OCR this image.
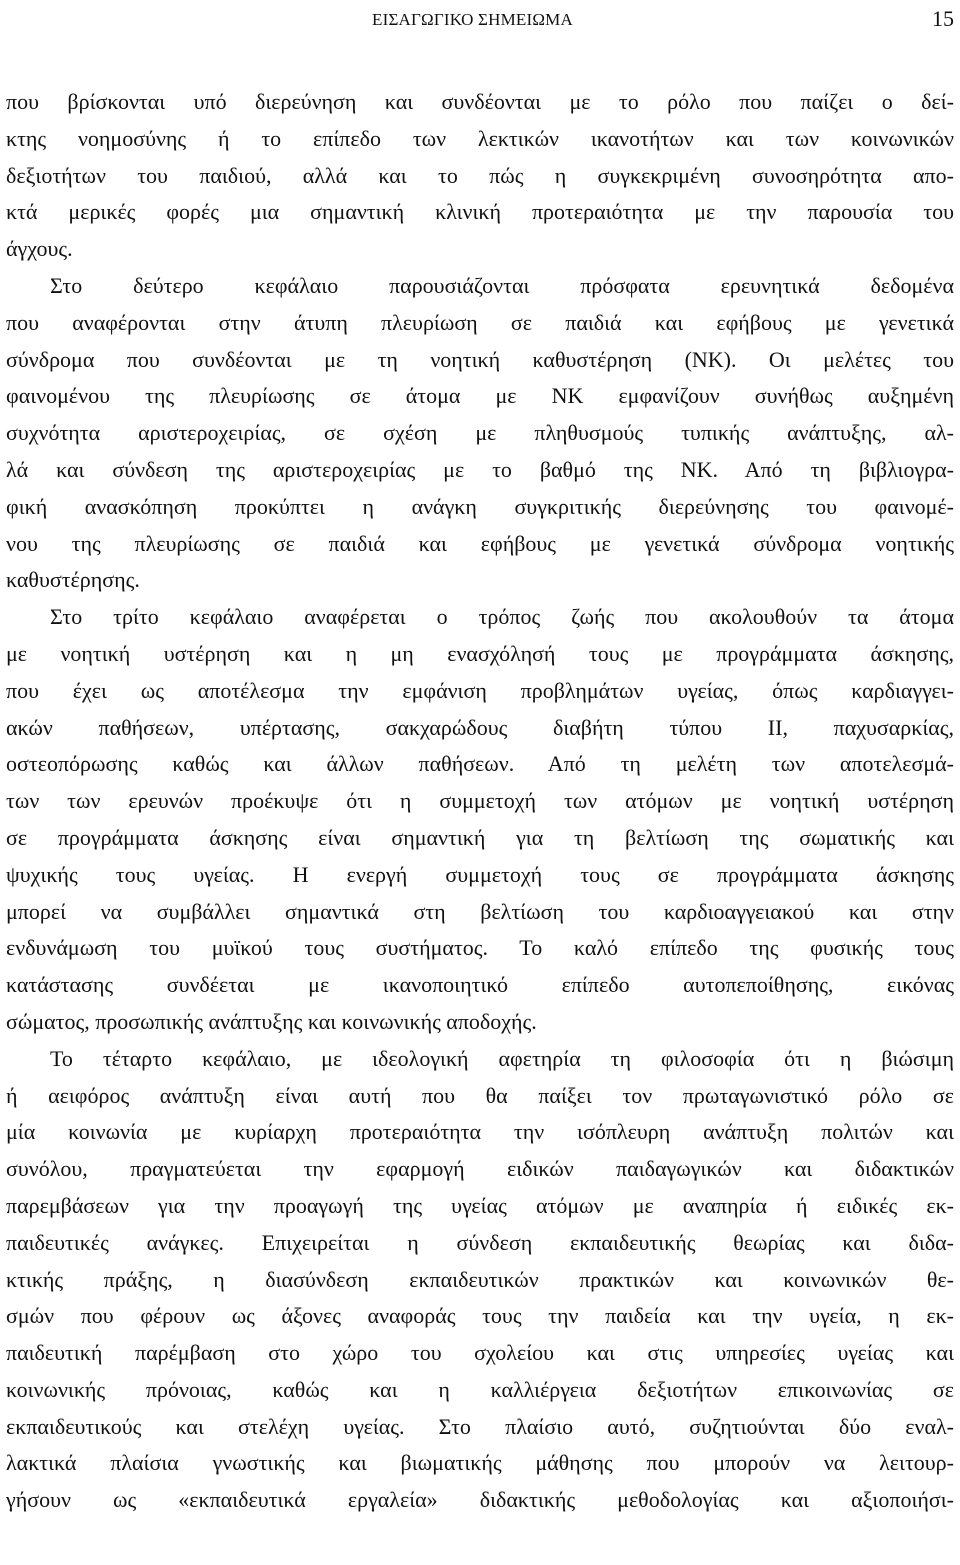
ΕΙΣΑΓΩΓΙΚΟ ΣΗΜΕΙΩΜΑ	15
που βρίσκονται υπό διερεύνηση και συνδέονται με το ρόλο που παίζει ο δεί-
κτης νοημοσύνης ή το επίπεδο των λεκτικών ικανοτήτων και των κοινωνικών
δεξιοτήτων του παιδιού, αλλά και το πώς η συγκεκριμένη συνοσηρότητα απο-
κτά μερικές φορές μια σημαντική κλινική προτεραιότητα με την παρουσία του
άγχους.
Στο δεύτερο κεφάλαιο παρουσιάζονται πρόσφατα ερευνητικά δεδομένα
που αναφέρονται στην άτυπη πλευρίωση σε παιδιά και εφήβους με γενετικά
σύνδρομα που συνδέονται με τη νοητική καθυστέρηση (ΝΚ). Οι μελέτες του
φαινομένου της πλευρίωσης σε άτομα με ΝΚ εμφανίζουν συνήθως αυξημένη
συχνότητα αριστεροχειρίας, σε σχέση με πληθυσμούς τυπικής ανάπτυξης, αλ-
λά και σύνδεση της αριστεροχειρίας με το βαθμό της ΝΚ. Από τη βιβλιογρα-
φική ανασκόπηση προκύπτει η ανάγκη συγκριτικής διερεύνησης του φαινομέ-
νου της πλευρίωσης σε παιδιά και εφήβους με γενετικά σύνδρομα νοητικής
καθυστέρησης.
Στο τρίτο κεφάλαιο αναφέρεται ο τρόπος ζωής που ακολουθούν τα άτομα
με νοητική υστέρηση και η μη ενασχόλησή τους με προγράμματα άσκησης,
που έχει ως αποτέλεσμα την εμφάνιση προβλημάτων υγείας, όπως καρδιαγγει-
ακών παθήσεων, υπέρτασης, σακχαρώδους διαβήτη τύπου ΙΙ, παχυσαρκίας,
οστεοπόρωσης καθώς και άλλων παθήσεων. Από τη μελέτη των αποτελεσμά-
των των ερευνών προέκυψε ότι η συμμετοχή των ατόμων με νοητική υστέρηση
σε προγράμματα άσκησης είναι σημαντική για τη βελτίωση της σωματικής και
ψυχικής τους υγείας. Η ενεργή συμμετοχή τους σε προγράμματα άσκησης
μπορεί να συμβάλλει σημαντικά στη βελτίωση του καρδιοαγγειακού και στην
ενδυνάμωση του μυϊκού τους συστήματος. Το καλό επίπεδο της φυσικής τους
κατάστασης συνδέεται με ικανοποιητικό επίπεδο αυτοπεποίθησης, εικόνας
σώματος, προσωπικής ανάπτυξης και κοινωνικής αποδοχής.
Το τέταρτο κεφάλαιο, με ιδεολογική αφετηρία τη φιλοσοφία ότι η βιώσιμη
ή αειφόρος ανάπτυξη είναι αυτή που θα παίξει τον πρωταγωνιστικό ρόλο σε
μία κοινωνία με κυρίαρχη προτεραιότητα την ισόπλευρη ανάπτυξη πολιτών και
συνόλου, πραγματεύεται την εφαρμογή ειδικών παιδαγωγικών και διδακτικών
παρεμβάσεων για την προαγωγή της υγείας ατόμων με αναπηρία ή ειδικές εκ-
παιδευτικές ανάγκες. Επιχειρείται η σύνδεση εκπαιδευτικής θεωρίας και διδα-
κτικής πράξης, η διασύνδεση εκπαιδευτικών πρακτικών και κοινωνικών θε-
σμών που φέρουν ως άξονες αναφοράς τους την παιδεία και την υγεία, η εκ-
παιδευτική παρέμβαση στο χώρο του σχολείου και στις υπηρεσίες υγείας και
κοινωνικής πρόνοιας, καθώς και η καλλιέργεια δεξιοτήτων επικοινωνίας σε
εκπαιδευτικούς και στελέχη υγείας. Στο πλαίσιο αυτό, συζητιούνται δύο εναλ-
λακτικά πλαίσια γνωστικής και βιωματικής μάθησης που μπορούν να λειτουρ-
γήσουν ως «εκπαιδευτικά εργαλεία» διδακτικής μεθοδολογίας και αξιοποιήσι-
